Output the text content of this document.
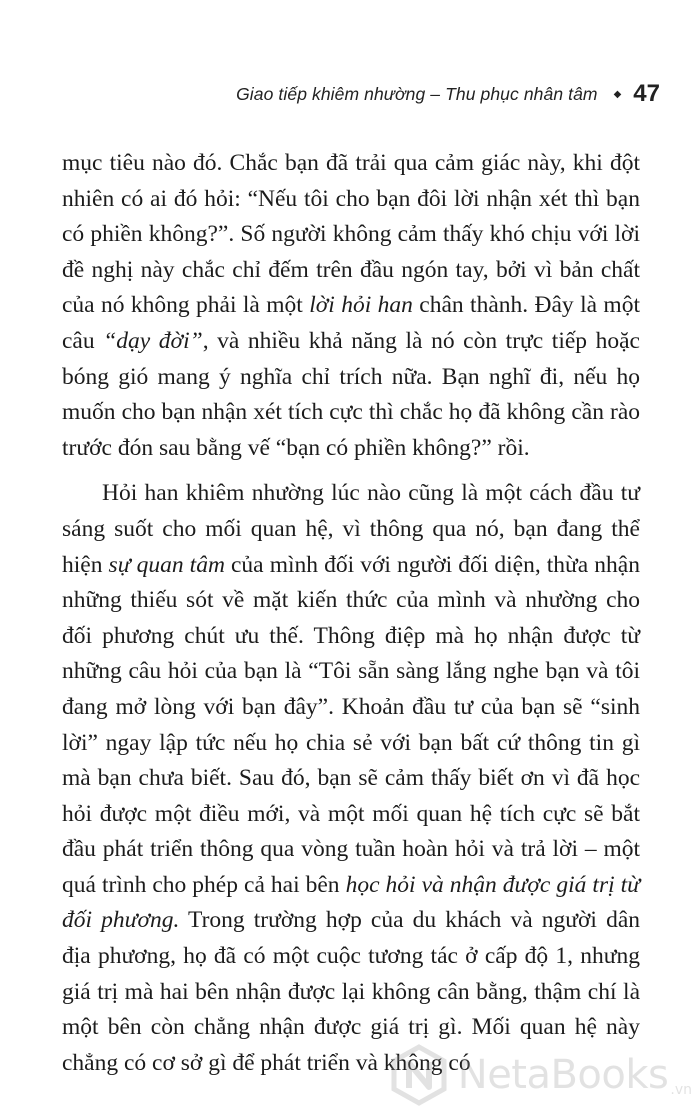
Giao tiếp khiêm nhường – Thu phục nhân tâm ◆ 47

mục tiêu nào đó. Chắc bạn đã trải qua cảm giác này, khi đột nhiên có ai đó hỏi: “Nếu tôi cho bạn đôi lời nhận xét thì bạn có phiền không?”. Số người không cảm thấy khó chịu với lời đề nghị này chắc chỉ đếm trên đầu ngón tay, bởi vì bản chất của nó không phải là một lời hỏi han chân thành. Đây là một câu “dạy đời”, và nhiều khả năng là nó còn trực tiếp hoặc bóng gió mang ý nghĩa chỉ trích nữa. Bạn nghĩ đi, nếu họ muốn cho bạn nhận xét tích cực thì chắc họ đã không cần rào trước đón sau bằng vế “bạn có phiền không?” rồi.

Hỏi han khiêm nhường lúc nào cũng là một cách đầu tư sáng suốt cho mối quan hệ, vì thông qua nó, bạn đang thể hiện sự quan tâm của mình đối với người đối diện, thừa nhận những thiếu sót về mặt kiến thức của mình và nhường cho đối phương chút ưu thế. Thông điệp mà họ nhận được từ những câu hỏi của bạn là “Tôi sẵn sàng lắng nghe bạn và tôi đang mở lòng với bạn đây”. Khoản đầu tư của bạn sẽ “sinh lời” ngay lập tức nếu họ chia sẻ với bạn bất cứ thông tin gì mà bạn chưa biết. Sau đó, bạn sẽ cảm thấy biết ơn vì đã học hỏi được một điều mới, và một mối quan hệ tích cực sẽ bắt đầu phát triển thông qua vòng tuần hoàn hỏi và trả lời – một quá trình cho phép cả hai bên học hỏi và nhận được giá trị từ đối phương. Trong trường hợp của du khách và người dân địa phương, họ đã có một cuộc tương tác ở cấp độ 1, nhưng giá trị mà hai bên nhận được lại không cân bằng, thậm chí là một bên còn chẳng nhận được giá trị gì. Mối quan hệ này chẳng có cơ sở gì để phát triển và không có

NetaBooks .vn
